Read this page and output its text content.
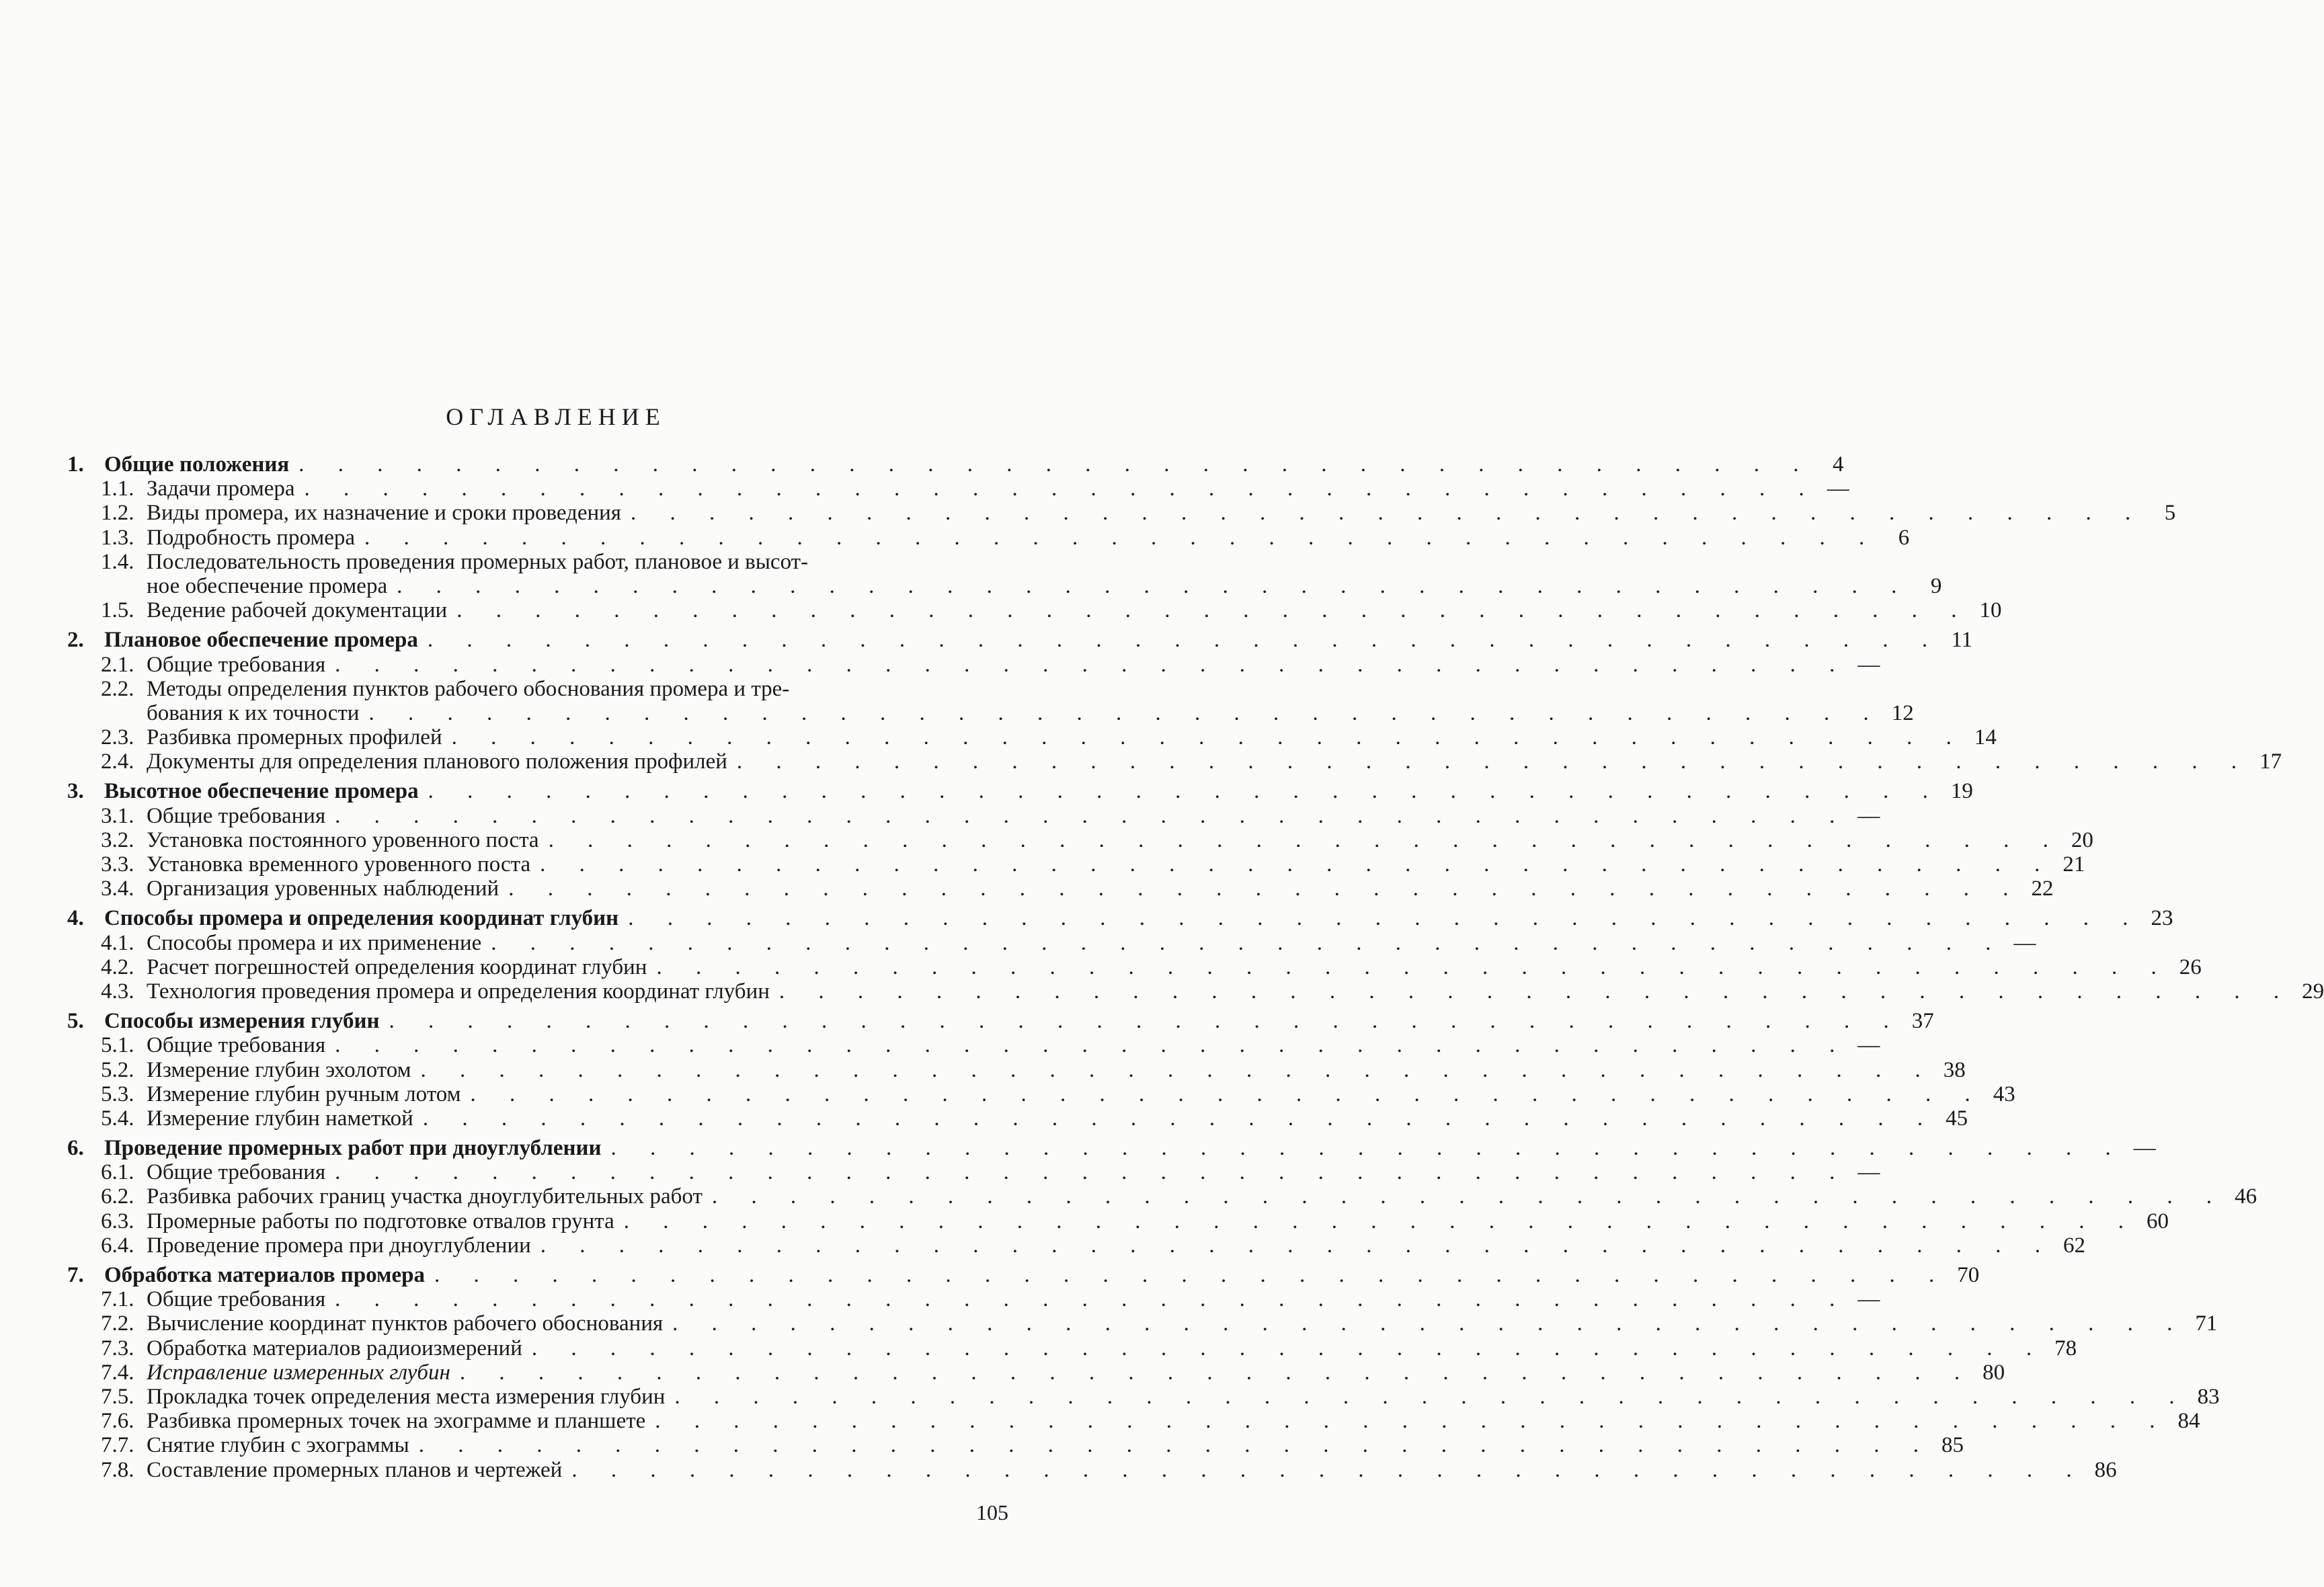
ОГЛАВЛЕНИЕ
1. Общие положения . . . . . . . . . . . . . . . . . . . . . . . . . . . . . . . . . . . . . . . 4
1.1. Задачи промера . . . . . . . . . . . . . . . . . . . . . . . . . . . . . . . . . . . . . . . —
1.2. Виды промера, их назначение и сроки проведения . . . . . . . . . . . . . . . . . . . . . . . . . . . . . . . . . . . . . . . 5
1.3. Подробность промера . . . . . . . . . . . . . . . . . . . . . . . . . . . . . . . . . . . . . . . 6
1.4. Последовательность проведения промерных работ, плановое и высот-
ное обеспечение промера . . . . . . . . . . . . . . . . . . . . . . . . . . . . . . . . . . . . . . . 9
1.5. Ведение рабочей документации . . . . . . . . . . . . . . . . . . . . . . . . . . . . . . . . . . . . . . . 10
2. Плановое обеспечение промера . . . . . . . . . . . . . . . . . . . . . . . . . . . . . . . . . . . . . . . 11
2.1. Общие требования . . . . . . . . . . . . . . . . . . . . . . . . . . . . . . . . . . . . . . . —
2.2. Методы определения пунктов рабочего обоснования промера и тре-
бования к их точности . . . . . . . . . . . . . . . . . . . . . . . . . . . . . . . . . . . . . . . 12
2.3. Разбивка промерных профилей . . . . . . . . . . . . . . . . . . . . . . . . . . . . . . . . . . . . . . . 14
2.4. Документы для определения планового положения профилей . . . . . . . . . . . . . . . . . . . . . . . . . . . . . . . . . . . . . . . 17
3. Высотное обеспечение промера . . . . . . . . . . . . . . . . . . . . . . . . . . . . . . . . . . . . . . . 19
3.1. Общие требования . . . . . . . . . . . . . . . . . . . . . . . . . . . . . . . . . . . . . . . —
3.2. Установка постоянного уровенного поста . . . . . . . . . . . . . . . . . . . . . . . . . . . . . . . . . . . . . . . 20
3.3. Установка временного уровенного поста . . . . . . . . . . . . . . . . . . . . . . . . . . . . . . . . . . . . . . . 21
3.4. Организация уровенных наблюдений . . . . . . . . . . . . . . . . . . . . . . . . . . . . . . . . . . . . . . . 22
4. Способы промера и определения координат глубин . . . . . . . . . . . . . . . . . . . . . . . . . . . . . . . . . . . . . . . 23
4.1. Способы промера и их применение . . . . . . . . . . . . . . . . . . . . . . . . . . . . . . . . . . . . . . . —
4.2. Расчет погрешностей определения координат глубин . . . . . . . . . . . . . . . . . . . . . . . . . . . . . . . . . . . . . . . 26
4.3. Технология проведения промера и определения координат глубин . . . . . . . . . . . . . . . . . . . . . . . . . . . . . . . . . . . . . . . 29
5. Способы измерения глубин . . . . . . . . . . . . . . . . . . . . . . . . . . . . . . . . . . . . . . . 37
5.1. Общие требования . . . . . . . . . . . . . . . . . . . . . . . . . . . . . . . . . . . . . . . —
5.2. Измерение глубин эхолотом . . . . . . . . . . . . . . . . . . . . . . . . . . . . . . . . . . . . . . . 38
5.3. Измерение глубин ручным лотом . . . . . . . . . . . . . . . . . . . . . . . . . . . . . . . . . . . . . . . 43
5.4. Измерение глубин наметкой . . . . . . . . . . . . . . . . . . . . . . . . . . . . . . . . . . . . . . . 45
6. Проведение промерных работ при дноуглублении . . . . . . . . . . . . . . . . . . . . . . . . . . . . . . . . . . . . . . . —
6.1. Общие требования . . . . . . . . . . . . . . . . . . . . . . . . . . . . . . . . . . . . . . . —
6.2. Разбивка рабочих границ участка дноуглубительных работ . . . . . . . . . . . . . . . . . . . . . . . . . . . . . . . . . . . . . . . 46
6.3. Промерные работы по подготовке отвалов грунта . . . . . . . . . . . . . . . . . . . . . . . . . . . . . . . . . . . . . . . 60
6.4. Проведение промера при дноуглублении . . . . . . . . . . . . . . . . . . . . . . . . . . . . . . . . . . . . . . . 62
7. Обработка материалов промера . . . . . . . . . . . . . . . . . . . . . . . . . . . . . . . . . . . . . . . 70
7.1. Общие требования . . . . . . . . . . . . . . . . . . . . . . . . . . . . . . . . . . . . . . . —
7.2. Вычисление координат пунктов рабочего обоснования . . . . . . . . . . . . . . . . . . . . . . . . . . . . . . . . . . . . . . . 71
7.3. Обработка материалов радиоизмерений . . . . . . . . . . . . . . . . . . . . . . . . . . . . . . . . . . . . . . . 78
7.4. Исправление измеренных глубин . . . . . . . . . . . . . . . . . . . . . . . . . . . . . . . . . . . . . . . 80
7.5. Прокладка точек определения места измерения глубин . . . . . . . . . . . . . . . . . . . . . . . . . . . . . . . . . . . . . . . 83
7.6. Разбивка промерных точек на эхограмме и планшете . . . . . . . . . . . . . . . . . . . . . . . . . . . . . . . . . . . . . . . 84
7.7. Снятие глубин с эхограммы . . . . . . . . . . . . . . . . . . . . . . . . . . . . . . . . . . . . . . . 85
7.8. Составление промерных планов и чертежей . . . . . . . . . . . . . . . . . . . . . . . . . . . . . . . . . . . . . . . 86
105
